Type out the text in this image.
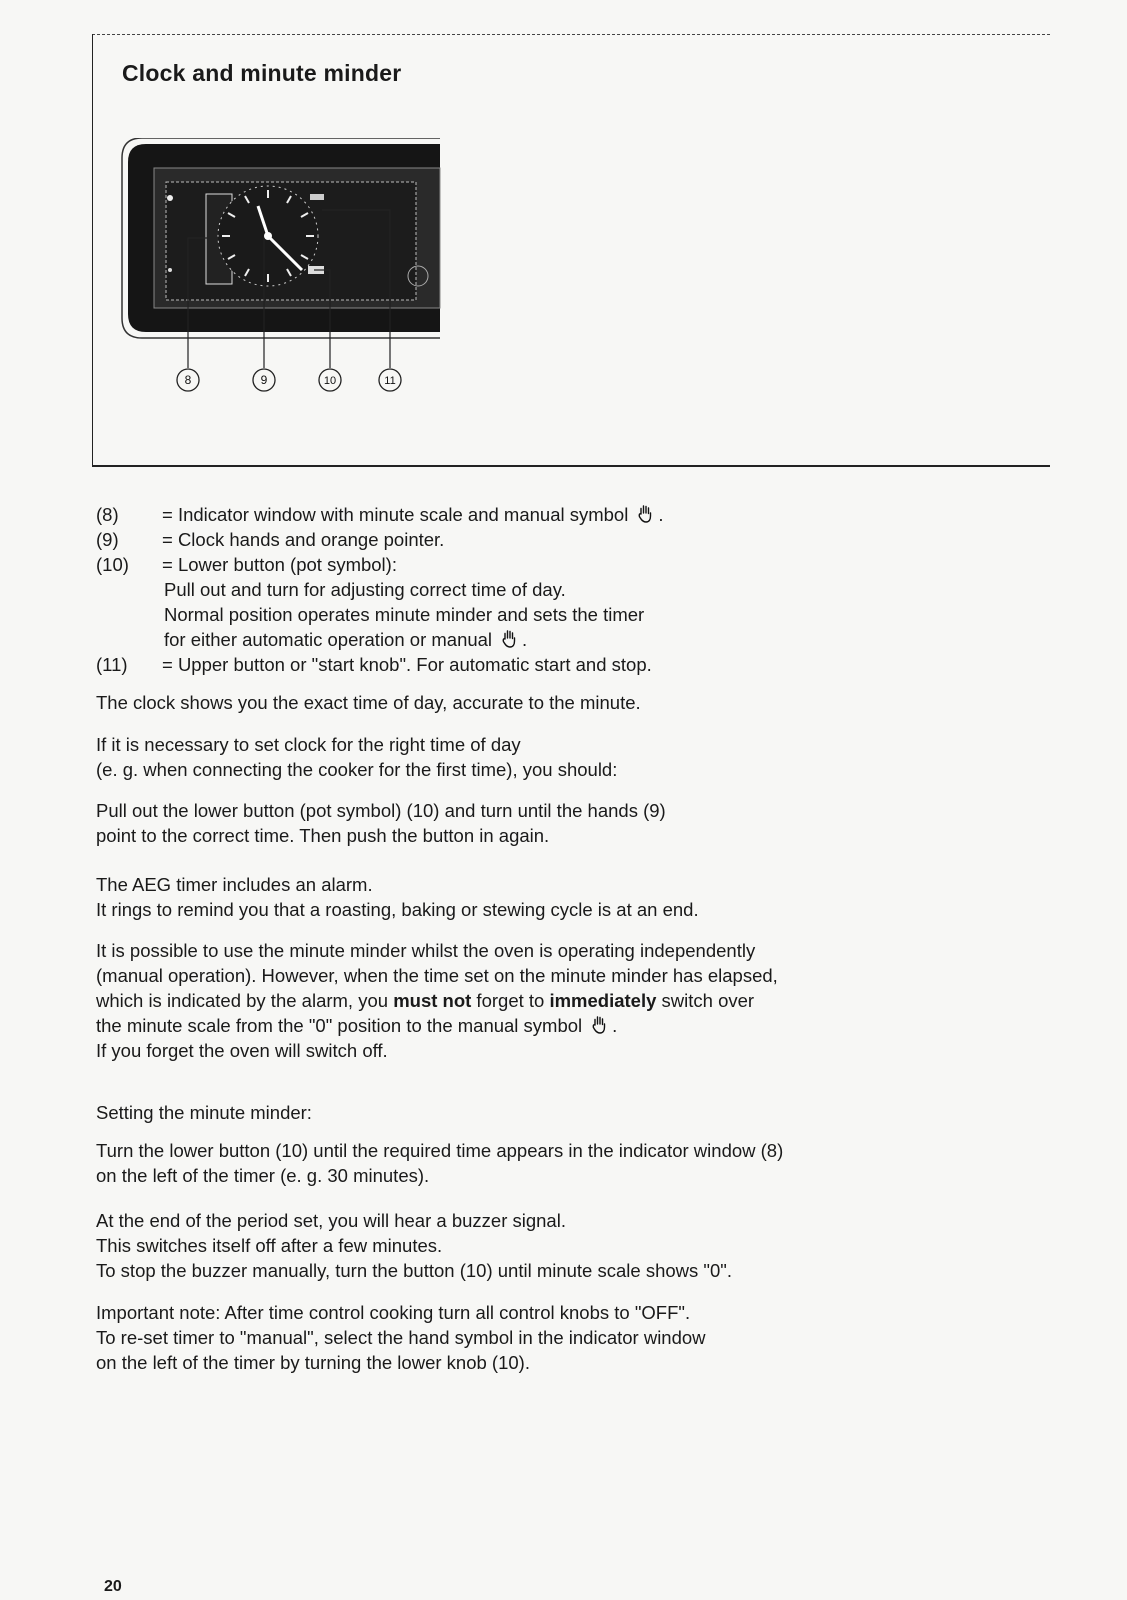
Clock and minute minder
8	9	10	11
(8)	= Indicator window with minute scale and manual symbol .
(9)	= Clock hands and orange pointer.
(10)	= Lower button (pot symbol):
Pull out and turn for adjusting correct time of day.
Normal position operates minute minder and sets the timer
for either automatic operation or manual .
(11)	= Upper button or "start knob". For automatic start and stop.

The clock shows you the exact time of day, accurate to the minute.

If it is necessary to set clock for the right time of day

(e. g. when connecting the cooker for the first time), you should:

Pull out the lower button (pot symbol) (10) and turn until the hands (9)

point to the correct time. Then push the button in again.

The AEG timer includes an alarm.

It rings to remind you that a roasting, baking or stewing cycle is at an end.

It is possible to use the minute minder whilst the oven is operating independently

(manual operation). However, when the time set on the minute minder has elapsed,

which is indicated by the alarm, you must not forget to immediately switch over

the minute scale from the "0" position to the manual symbol .

If you forget the oven will switch off.

Setting the minute minder:

Turn the lower button (10) until the required time appears in the indicator window (8)

on the left of the timer (e. g. 30 minutes).

At the end of the period set, you will hear a buzzer signal.

This switches itself off after a few minutes.

To stop the buzzer manually, turn the button (10) until minute scale shows "0".

Important note: After time control cooking turn all control knobs to "OFF".

To re-set timer to "manual", select the hand symbol in the indicator window

on the left of the timer by turning the lower knob (10).

20
